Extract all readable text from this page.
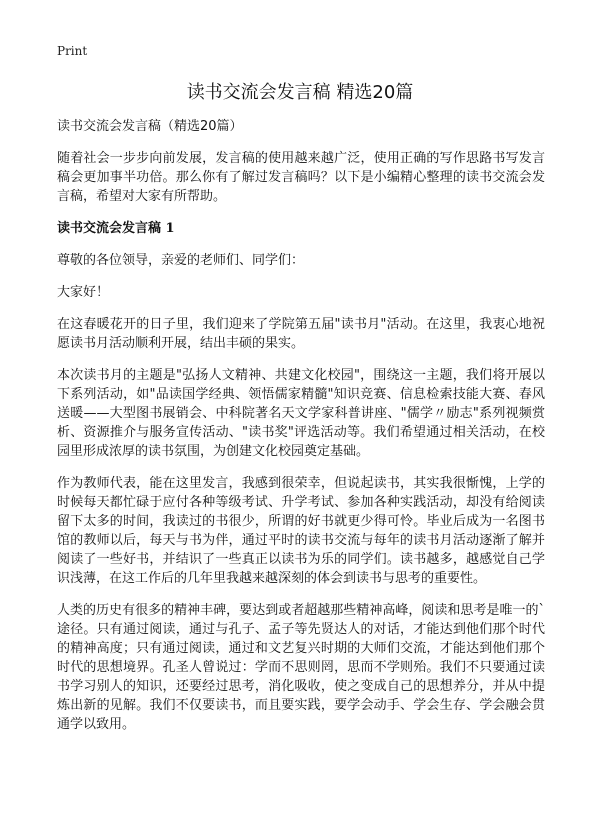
Print
读书交流会发言稿 精选20篇

读书交流会发言稿（精选20篇）

随着社会一步步向前发展，发言稿的使用越来越广泛，使用正确的写作思路书写发言稿会更加事半功倍。那么你有了解过发言稿吗？以下是小编精心整理的读书交流会发言稿，希望对大家有所帮助。

读书交流会发言稿 1

尊敬的各位领导，亲爱的老师们、同学们：

大家好！

在这春暖花开的日子里，我们迎来了学院第五届"读书月"活动。在这里，我衷心地祝愿读书月活动顺利开展，结出丰硕的果实。

本次读书月的主题是"弘扬人文精神、共建文化校园"，围绕这一主题，我们将开展以下系列活动，如"品读国学经典、领悟儒家精髓"知识竞赛、信息检索技能大赛、春风送暖——大型图书展销会、中科院著名天文学家科普讲座、"儒学〃励志"系列视频赏析、资源推介与服务宣传活动、"读书奖"评选活动等。我们希望通过相关活动，在校园里形成浓厚的读书氛围，为创建文化校园奠定基础。

作为教师代表，能在这里发言，我感到很荣幸，但说起读书，其实我很惭愧，上学的时候每天都忙碌于应付各种等级考试、升学考试、参加各种实践活动，却没有给阅读留下太多的时间，我读过的书很少，所谓的好书就更少得可怜。毕业后成为一名图书馆的教师以后，每天与书为伴，通过平时的读书交流与每年的读书月活动逐渐了解并阅读了一些好书，并结识了一些真正以读书为乐的同学们。读书越多，越感觉自己学识浅薄，在这工作后的几年里我越来越深刻的体会到读书与思考的重要性。

人类的历史有很多的精神丰碑，要达到或者超越那些精神高峰，阅读和思考是唯一的`途径。只有通过阅读，通过与孔子、孟子等先贤达人的对话，才能达到他们那个时代的精神高度；只有通过阅读，通过和文艺复兴时期的大师们交流，才能达到他们那个时代的思想境界。孔圣人曾说过：学而不思则罔，思而不学则殆。我们不只要通过读书学习别人的知识，还要经过思考，消化吸收，使之变成自己的思想养分，并从中提炼出新的见解。我们不仅要读书，而且要实践，要学会动手、学会生存、学会融会贯通学以致用。
